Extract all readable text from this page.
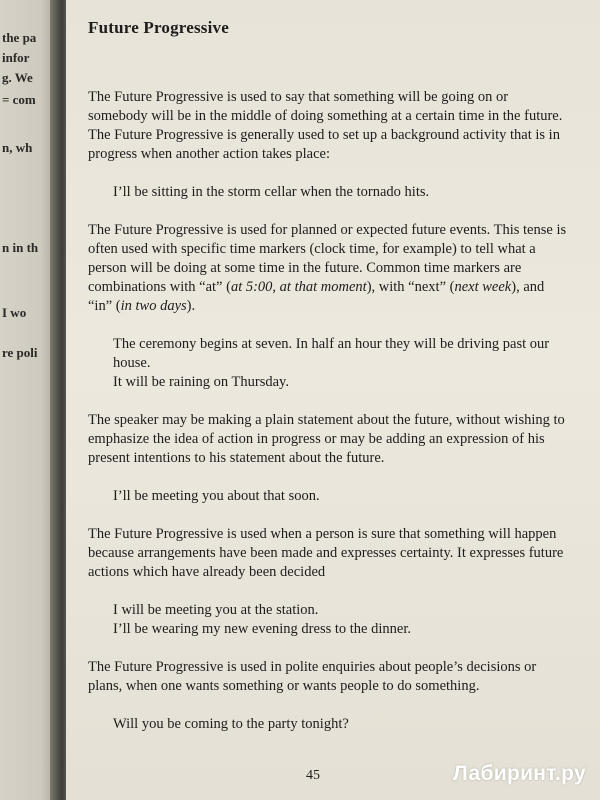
the pa
infor
g. We
= com
n, wh
n in th
I wo
re poli
Future Progressive

The Future Progressive is used to say that something will be going on or somebody will be in the middle of doing something at a certain time in the future.

The Future Progressive is generally used to set up a background activity that is in progress when another action takes place:

I’ll be sitting in the storm cellar when the tornado hits.

The Future Progressive is used for planned or expected future events. This tense is often used with specific time markers (clock time, for example) to tell what a person will be doing at some time in the future. Common time markers are combinations with “at” (at 5:00, at that moment), with “next” (next week), and “in” (in two days).

The ceremony begins at seven. In half an hour they will be driving past our house.

It will be raining on Thursday.

The speaker may be making a plain statement about the future, without wishing to emphasize the idea of action in progress or may be adding an expression of his present intentions to his statement about the future.

I’ll be meeting you about that soon.

The Future Progressive is used when a person is sure that something will happen because arrangements have been made and expresses certainty. It expresses future actions which have already been decided

I will be meeting you at the station.

I’ll be wearing my new evening dress to the dinner.

The Future Progressive is used in polite enquiries about people’s decisions or plans, when one wants something or wants people to do something.

Will you be coming to the party tonight?

45	Лабиринт.ру
